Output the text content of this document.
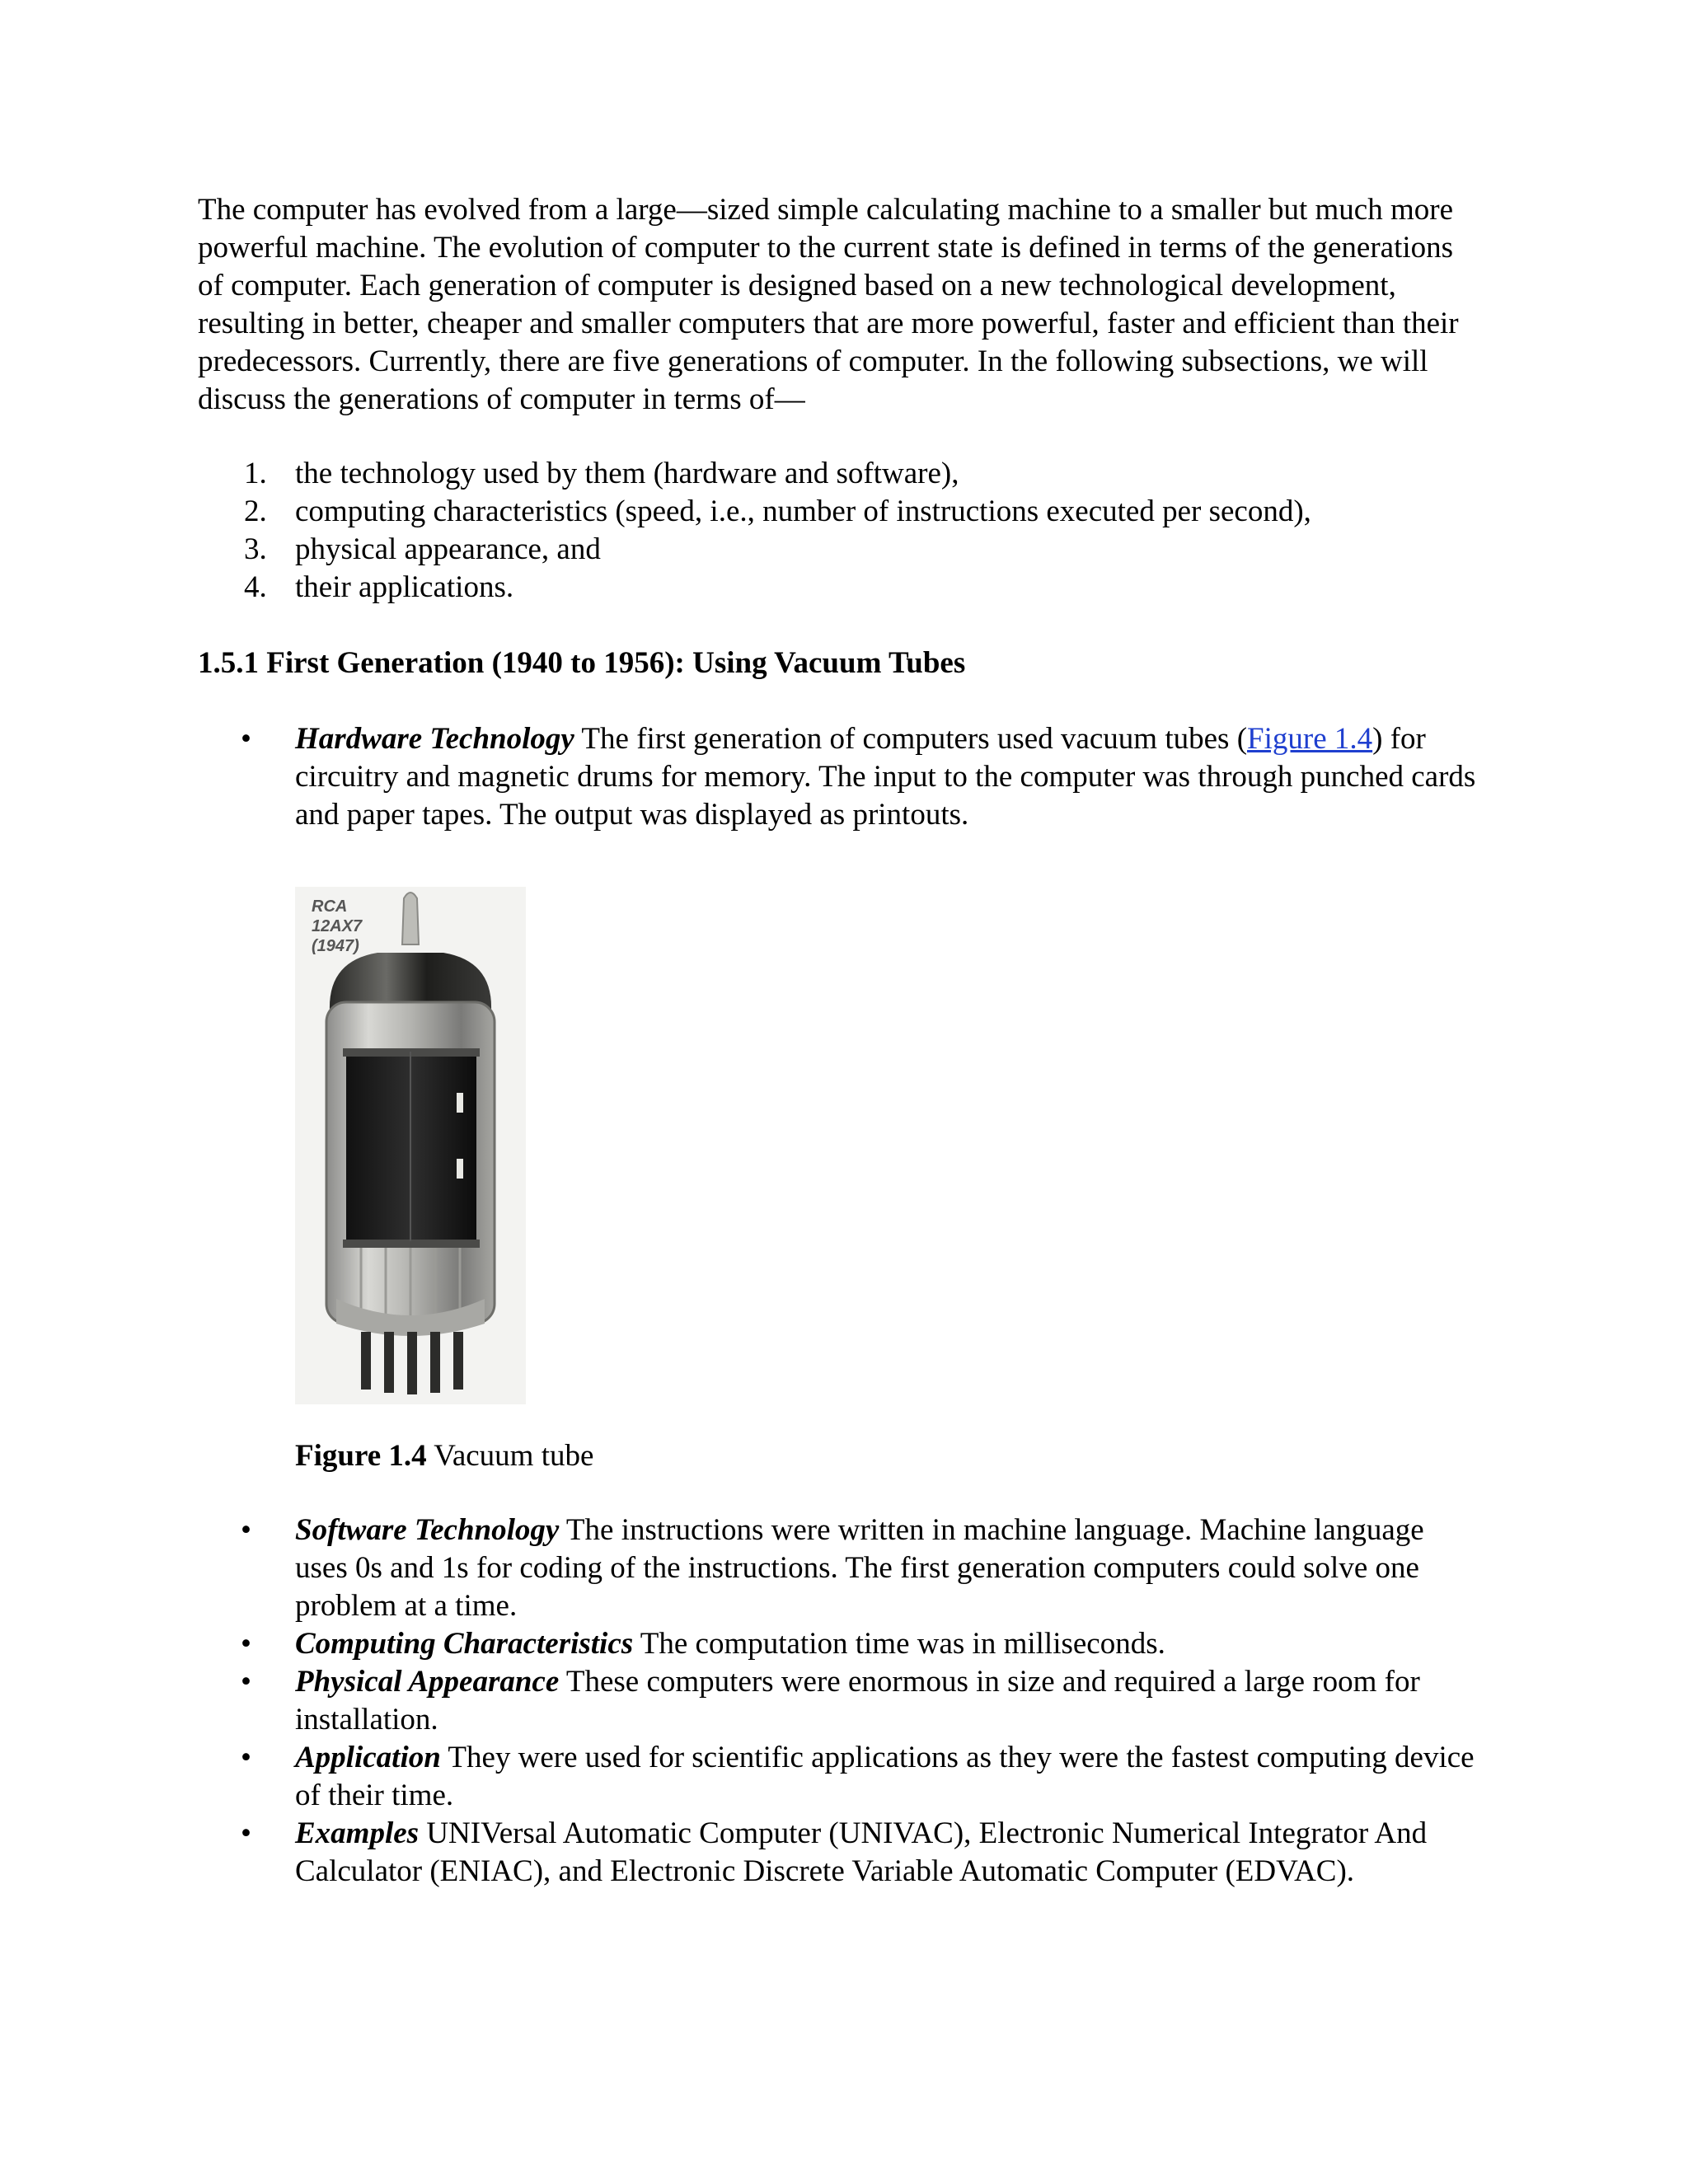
The computer has evolved from a large—sized simple calculating machine to a smaller but much more powerful machine. The evolution of computer to the current state is defined in terms of the generations of computer. Each generation of computer is designed based on a new technological development, resulting in better, cheaper and smaller computers that are more powerful, faster and efficient than their predecessors. Currently, there are five generations of computer. In the following subsections, we will discuss the generations of computer in terms of—

1. the technology used by them (hardware and software),
2. computing characteristics (speed, i.e., number of instructions executed per second),
3. physical appearance, and
4. their applications.
1.5.1 First Generation (1940 to 1956): Using Vacuum Tubes
• Hardware Technology The first generation of computers used vacuum tubes (Figure 1.4) for circuitry and magnetic drums for memory. The input to the computer was through punched cards and paper tapes. The output was displayed as printouts.
RCA
12AX7
(1947)

Figure 1.4 Vacuum tube

• Software Technology The instructions were written in machine language. Machine language uses 0s and 1s for coding of the instructions. The first generation computers could solve one problem at a time.
• Computing Characteristics The computation time was in milliseconds.
• Physical Appearance These computers were enormous in size and required a large room for installation.
• Application They were used for scientific applications as they were the fastest computing device of their time.
• Examples UNIVersal Automatic Computer (UNIVAC), Electronic Numerical Integrator And Calculator (ENIAC), and Electronic Discrete Variable Automatic Computer (EDVAC).
